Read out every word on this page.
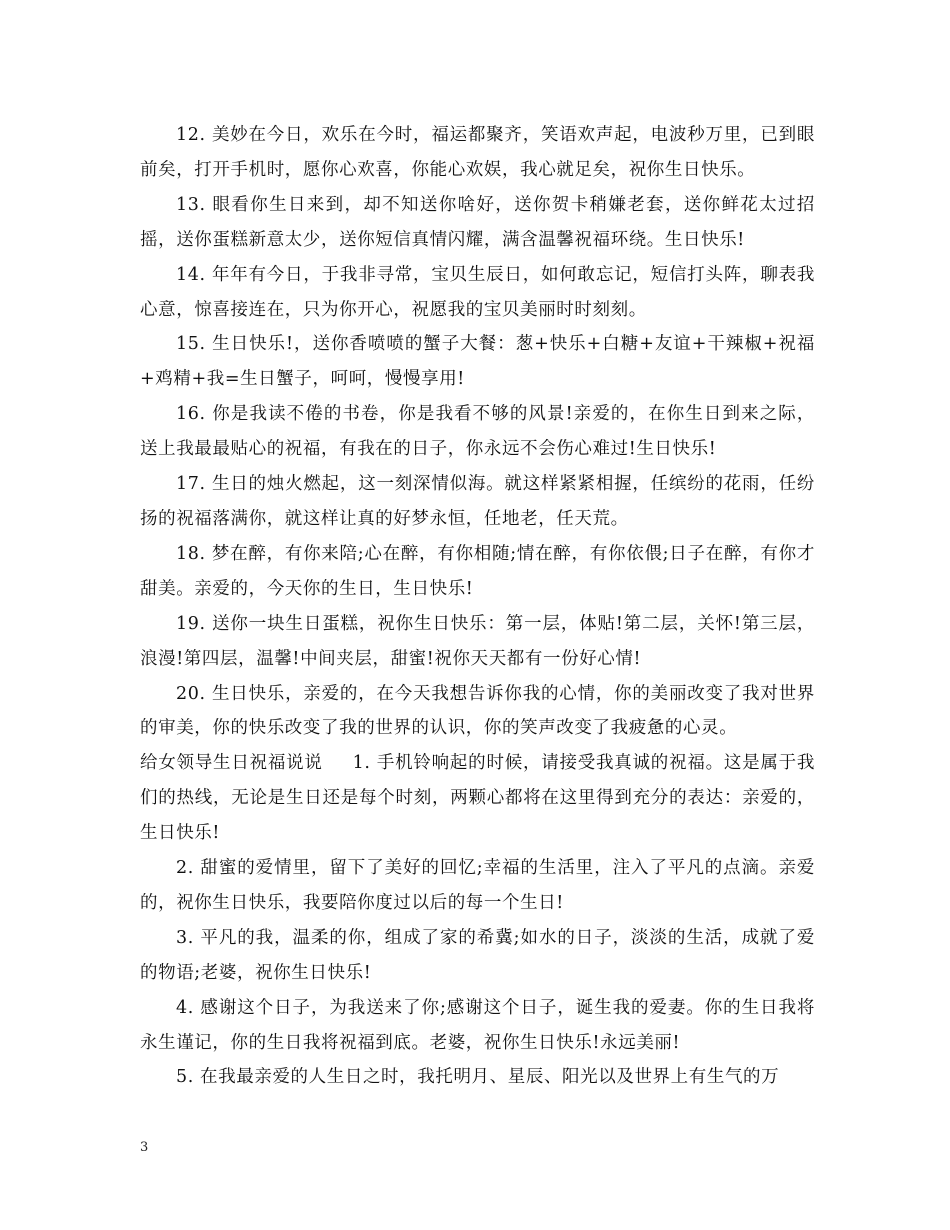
12. 美妙在今日，欢乐在今时，福运都聚齐，笑语欢声起，电波秒万里，已到眼前矣，打开手机时，愿你心欢喜，你能心欢娱，我心就足矣，祝你生日快乐。

13. 眼看你生日来到，却不知送你啥好，送你贺卡稍嫌老套，送你鲜花太过招摇，送你蛋糕新意太少，送你短信真情闪耀，满含温馨祝福环绕。生日快乐!

14. 年年有今日，于我非寻常，宝贝生辰日，如何敢忘记，短信打头阵，聊表我心意，惊喜接连在，只为你开心，祝愿我的宝贝美丽时时刻刻。

15. 生日快乐!，送你香喷喷的蟹子大餐：葱+快乐+白糖+友谊+干辣椒+祝福+鸡精+我=生日蟹子，呵呵，慢慢享用!

16. 你是我读不倦的书卷，你是我看不够的风景!亲爱的，在你生日到来之际，送上我最最贴心的祝福，有我在的日子，你永远不会伤心难过!生日快乐!

17. 生日的烛火燃起，这一刻深情似海。就这样紧紧相握，任缤纷的花雨，任纷扬的祝福落满你，就这样让真的好梦永恒，任地老，任天荒。

18. 梦在醉，有你来陪;心在醉，有你相随;情在醉，有你依偎;日子在醉，有你才甜美。亲爱的，今天你的生日，生日快乐!

19. 送你一块生日蛋糕，祝你生日快乐：第一层，体贴!第二层，关怀!第三层，浪漫!第四层，温馨!中间夹层，甜蜜!祝你天天都有一份好心情!

20. 生日快乐，亲爱的，在今天我想告诉你我的心情，你的美丽改变了我对世界的审美，你的快乐改变了我的世界的认识，你的笑声改变了我疲惫的心灵。

给女领导生日祝福说说 1. 手机铃响起的时候，请接受我真诚的祝福。这是属于我们的热线，无论是生日还是每个时刻，两颗心都将在这里得到充分的表达：亲爱的，生日快乐!

2. 甜蜜的爱情里，留下了美好的回忆;幸福的生活里，注入了平凡的点滴。亲爱的，祝你生日快乐，我要陪你度过以后的每一个生日!

3. 平凡的我，温柔的你，组成了家的希冀;如水的日子，淡淡的生活，成就了爱的物语;老婆，祝你生日快乐!

4. 感谢这个日子，为我送来了你;感谢这个日子，诞生我的爱妻。你的生日我将永生谨记，你的生日我将祝福到底。老婆，祝你生日快乐!永远美丽!

5. 在我最亲爱的人生日之时，我托明月、星辰、阳光以及世界上有生气的万

3
